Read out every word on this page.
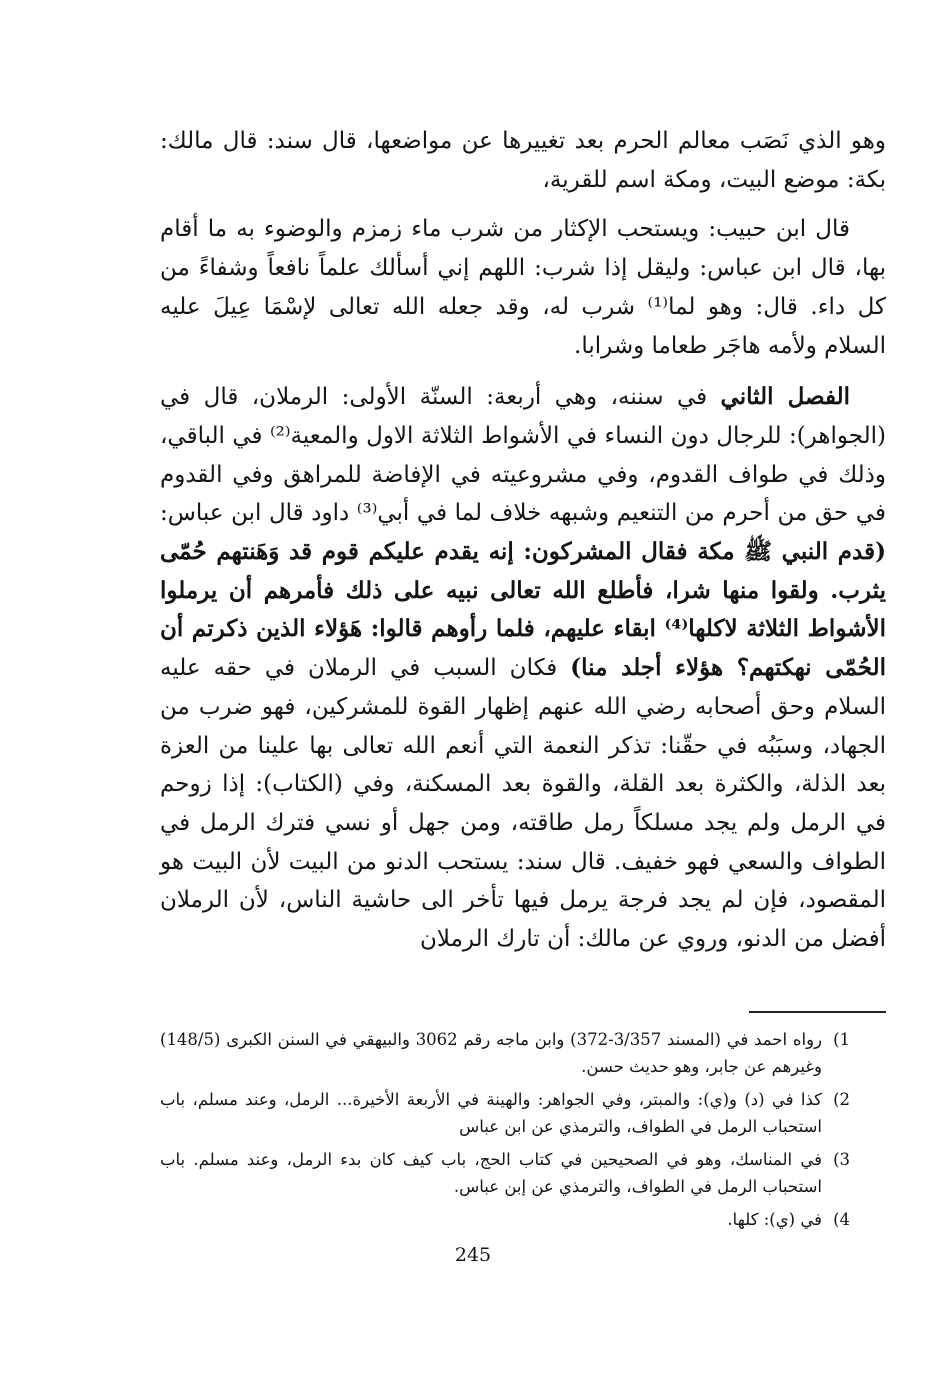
وهو الذي نَصَب معالم الحرم بعد تغييرها عن مواضعها، قال سند: قال مالك: بكة: موضع البيت، ومكة اسم للقرية،

قال ابن حبيب: ويستحب الإكثار من شرب ماء زمزم والوضوء به ما أقام بها، قال ابن عباس: وليقل إذا شرب: اللهم إني أسألك علماً نافعاً وشفاءً من كل داء. قال: وهو لما⁽¹⁾ شرب له، وقد جعله الله تعالى لإسْمَا عِيلَ عليه السلام ولأمه هاجَر طعاما وشرابا.

الفصل الثاني في سننه، وهي أربعة: السنّة الأولى: الرملان، قال في (الجواهر): للرجال دون النساء في الأشواط الثلاثة الاول والمعية⁽²⁾ في الباقي، وذلك في طواف القدوم، وفي مشروعيته في الإفاضة للمراهق وفي القدوم في حق من أحرم من التنعيم وشبهه خلاف لما في أبي⁽³⁾ داود قال ابن عباس: (قدم النبي ﷺ مكة فقال المشركون: إنه يقدم عليكم قوم قد وَهَنتهم حُمّى يثرب. ولقوا منها شرا، فأطلع الله تعالى نبيه على ذلك فأمرهم أن يرملوا الأشواط الثلاثة لاكلها⁽⁴⁾ ابقاء عليهم، فلما رأوهم قالوا: هَؤلاء الذين ذكرتم أن الحُمّى نهكتهم؟ هؤلاء أجلد منا) فكان السبب في الرملان في حقه عليه السلام وحق أصحابه رضي الله عنهم إظهار القوة للمشركين، فهو ضرب من الجهاد، وسبَبُه في حقّنا: تذكر النعمة التي أنعم الله تعالى بها علينا من العزة بعد الذلة، والكثرة بعد القلة، والقوة بعد المسكنة، وفي (الكتاب): إذا زوحم في الرمل ولم يجد مسلكاً رمل طاقته، ومن جهل أو نسي فترك الرمل في الطواف والسعي فهو خفيف. قال سند: يستحب الدنو من البيت لأن البيت هو المقصود، فإن لم يجد فرجة يرمل فيها تأخر الى حاشية الناس، لأن الرملان أفضل من الدنو، وروي عن مالك: أن تارك الرملان

1)
رواه احمد في (المسند 3/357-372) وابن ماجه رقم 3062 والبيهقي في السنن الكبرى (148/5) وغيرهم عن جابر، وهو حديث حسن.
2)
كذا في (د) و(ي): والمبتر، وفي الجواهر: والهينة في الأربعة الأخيرة... الرمل، وعند مسلم، باب استحباب الرمل في الطواف، والترمذي عن ابن عباس
3)
في المناسك، وهو في الصحيحين في كتاب الحج، باب كيف كان بدء الرمل، وعند مسلم. باب استحباب الرمل في الطواف، والترمذي عن إبن عباس.
4)
في (ي): كلها.
245
